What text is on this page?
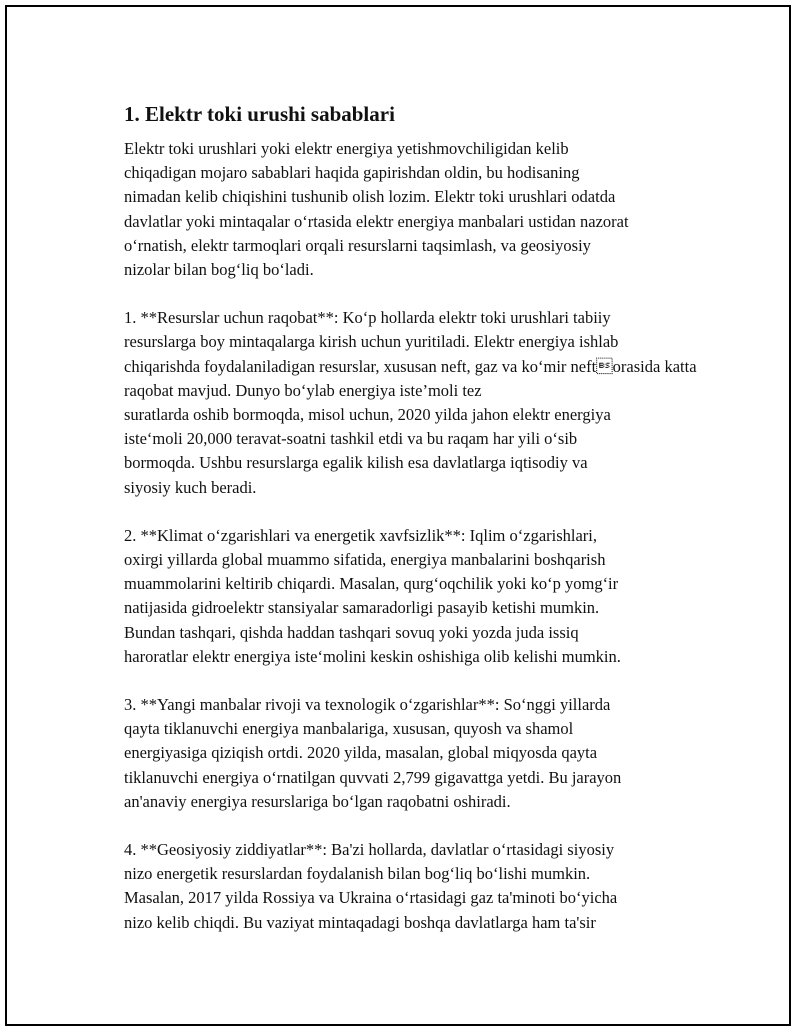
1. Elektr toki urushi sabablari

Elektr toki urushlari yoki elektr energiya yetishmovchiligidan kelib
chiqadigan mojaro sabablari haqida gapirishdan oldin, bu hodisaning
nimadan kelib chiqishini tushunib olish lozim. Elektr toki urushlari odatda
davlatlar yoki mintaqalar o‘rtasida elektr energiya manbalari ustidan nazorat
o‘rnatish, elektr tarmoqlari orqali resurslarni taqsimlash, va geosiyosiy
nizolar bilan bog‘liq bo‘ladi.

1. **Resurslar uchun raqobat**: Ko‘p hollarda elektr toki urushlari tabiiy
resurslarga boy mintaqalarga kirish uchun yuritiladi. Elektr energiya ishlab
chiqarishda foydalaniladigan resurslar, xususan neft, gaz va ko‘mir neftorasida katta raqobat mavjud. Dunyo bo‘ylab energiya iste’moli tez
suratlarda oshib bormoqda, misol uchun, 2020 yilda jahon elektr energiya
iste‘moli 20,000 teravat-soatni tashkil etdi va bu raqam har yili o‘sib
bormoqda. Ushbu resurslarga egalik kilish esa davlatlarga iqtisodiy va
siyosiy kuch beradi.

2. **Klimat o‘zgarishlari va energetik xavfsizlik**: Iqlim o‘zgarishlari,
oxirgi yillarda global muammo sifatida, energiya manbalarini boshqarish
muammolarini keltirib chiqardi. Masalan, qurg‘oqchilik yoki ko‘p yomg‘ir
natijasida gidroelektr stansiyalar samaradorligi pasayib ketishi mumkin.
Bundan tashqari, qishda haddan tashqari sovuq yoki yozda juda issiq
haroratlar elektr energiya iste‘molini keskin oshishiga olib kelishi mumkin.

3. **Yangi manbalar rivoji va texnologik o‘zgarishlar**: So‘nggi yillarda
qayta tiklanuvchi energiya manbalariga, xususan, quyosh va shamol
energiyasiga qiziqish ortdi. 2020 yilda, masalan, global miqyosda qayta
tiklanuvchi energiya o‘rnatilgan quvvati 2,799 gigavattga yetdi. Bu jarayon
an'anaviy energiya resurslariga bo‘lgan raqobatni oshiradi.

4. **Geosiyosiy ziddiyatlar**: Ba'zi hollarda, davlatlar o‘rtasidagi siyosiy
nizo energetik resurslardan foydalanish bilan bog‘liq bo‘lishi mumkin.
Masalan, 2017 yilda Rossiya va Ukraina o‘rtasidagi gaz ta'minoti bo‘yicha
nizo kelib chiqdi. Bu vaziyat mintaqadagi boshqa davlatlarga ham ta'sir
